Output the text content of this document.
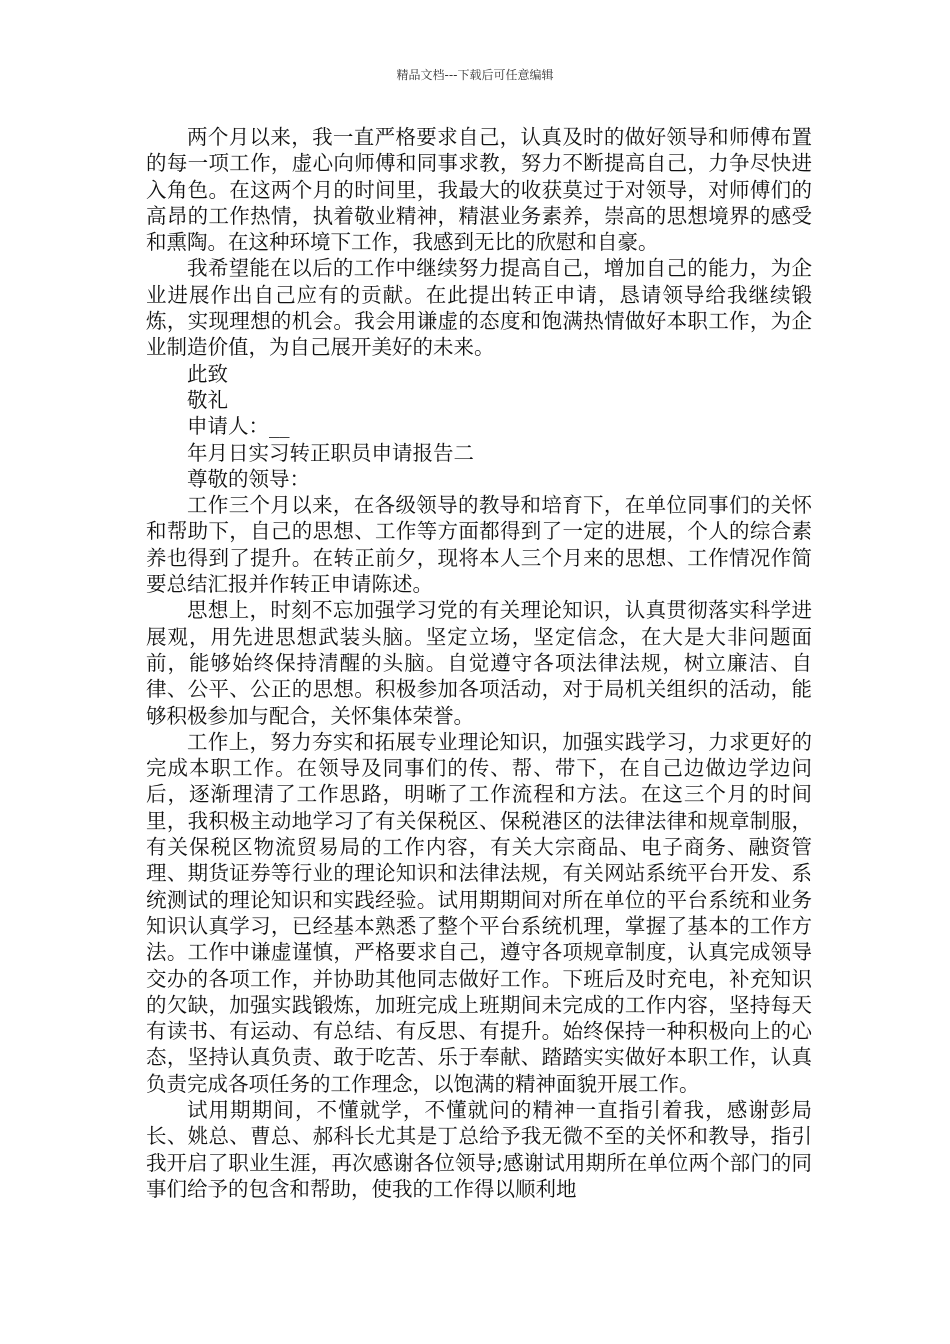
精品文档---下载后可任意编辑

两个月以来，我一直严格要求自己，认真及时的做好领导和师傅布置的每一项工作，虚心向师傅和同事求教，努力不断提高自己，力争尽快进入角色。在这两个月的时间里，我最大的收获莫过于对领导，对师傅们的高昂的工作热情，执着敬业精神，精湛业务素养，崇高的思想境界的感受和熏陶。在这种环境下工作，我感到无比的欣慰和自豪。

我希望能在以后的工作中继续努力提高自己，增加自己的能力，为企业进展作出自己应有的贡献。在此提出转正申请，恳请领导给我继续锻炼，实现理想的机会。我会用谦虚的态度和饱满热情做好本职工作，为企业制造价值，为自己展开美好的未来。

此致

敬礼

申请人：__

年月日实习转正职员申请报告二

尊敬的领导：

工作三个月以来，在各级领导的教导和培育下，在单位同事们的关怀和帮助下，自己的思想、工作等方面都得到了一定的进展，个人的综合素养也得到了提升。在转正前夕，现将本人三个月来的思想、工作情况作简要总结汇报并作转正申请陈述。

思想上，时刻不忘加强学习党的有关理论知识，认真贯彻落实科学进展观，用先进思想武装头脑。坚定立场，坚定信念，在大是大非问题面前，能够始终保持清醒的头脑。自觉遵守各项法律法规，树立廉洁、自律、公平、公正的思想。积极参加各项活动，对于局机关组织的活动，能够积极参加与配合，关怀集体荣誉。

工作上，努力夯实和拓展专业理论知识，加强实践学习，力求更好的完成本职工作。在领导及同事们的传、帮、带下，在自己边做边学边问后，逐渐理清了工作思路，明晰了工作流程和方法。在这三个月的时间里，我积极主动地学习了有关保税区、保税港区的法律法律和规章制服，有关保税区物流贸易局的工作内容，有关大宗商品、电子商务、融资管理、期货证券等行业的理论知识和法律法规，有关网站系统平台开发、系统测试的理论知识和实践经验。试用期期间对所在单位的平台系统和业务知识认真学习，已经基本熟悉了整个平台系统机理，掌握了基本的工作方法。工作中谦虚谨慎，严格要求自己，遵守各项规章制度，认真完成领导交办的各项工作，并协助其他同志做好工作。下班后及时充电，补充知识的欠缺，加强实践锻炼，加班完成上班期间未完成的工作内容，坚持每天有读书、有运动、有总结、有反思、有提升。始终保持一种积极向上的心态，坚持认真负责、敢于吃苦、乐于奉献、踏踏实实做好本职工作，认真负责完成各项任务的工作理念，以饱满的精神面貌开展工作。

试用期期间，不懂就学，不懂就问的精神一直指引着我，感谢彭局长、姚总、曹总、郝科长尤其是丁总给予我无微不至的关怀和教导，指引我开启了职业生涯，再次感谢各位领导;感谢试用期所在单位两个部门的同事们给予的包含和帮助，使我的工作得以顺利地
